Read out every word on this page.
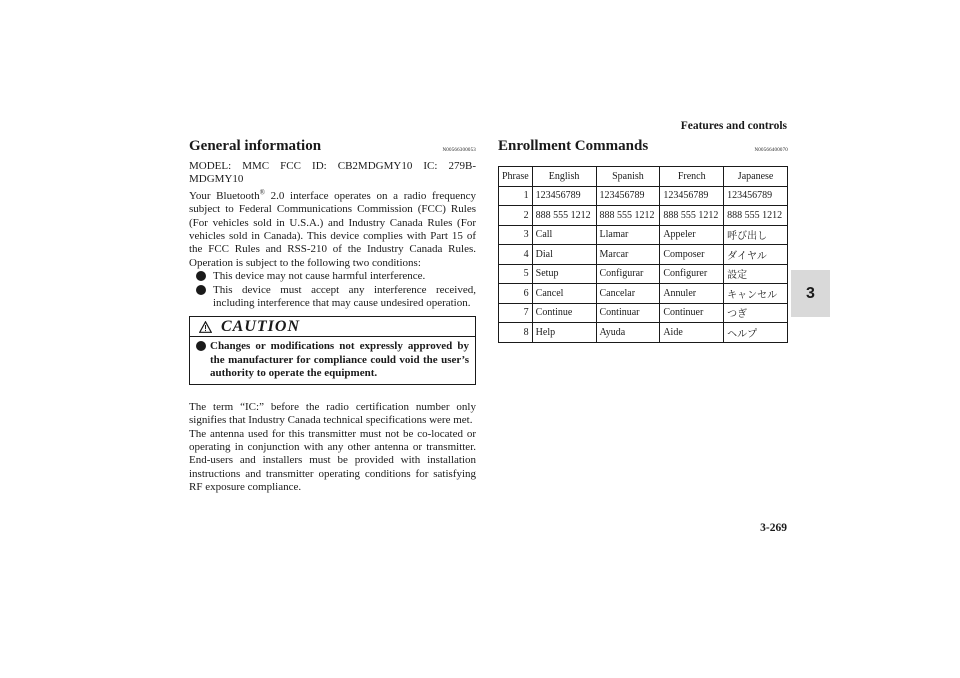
Features and controls
3
3-269
General information	N00566300053

MODEL: MMC FCC ID: CB2MDGMY10 IC: 279B-MDGMY10

Your Bluetooth® 2.0 interface operates on a radio frequency subject to Federal Communications Commission (FCC) Rules (For vehicles sold in U.S.A.) and Industry Canada Rules (For vehicles sold in Canada). This device complies with Part 15 of the FCC Rules and RSS-210 of the Industry Canada Rules. Operation is subject to the following two conditions:

This device may not cause harmful interference.
This device must accept any interference received, including interference that may cause undesired operation.
CAUTION
Changes or modifications not expressly approved by the manufacturer for compliance could void the user’s authority to operate the equipment.

The term “IC:” before the radio certification number only signifies that Industry Canada technical specifications were met.

The antenna used for this transmitter must not be co-located or operating in conjunction with any other antenna or transmitter. End-users and installers must be provided with installation instructions and transmitter operating conditions for satisfying RF exposure compliance.

Enrollment Commands	N00566400070
Phrase	English	Spanish	French	Japanese
1	123456789	123456789	123456789	123456789
2	888 555 1212	888 555 1212	888 555 1212	888 555 1212
3	Call	Llamar	Appeler	呼び出し
4	Dial	Marcar	Composer	ダイヤル
5	Setup	Configurar	Configurer	設定
6	Cancel	Cancelar	Annuler	キャンセル
7	Continue	Continuar	Continuer	つぎ
8	Help	Ayuda	Aide	ヘルプ
